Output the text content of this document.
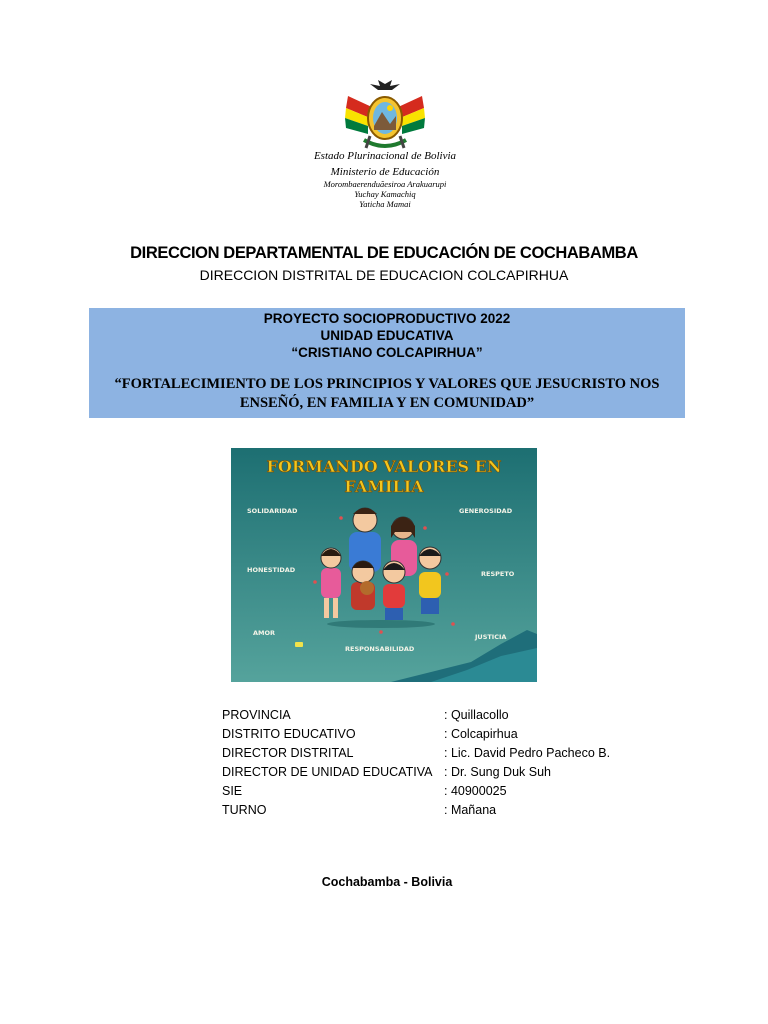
Estado Plurinacional de Bolivia
Ministerio de Educación
Morombaerenduãesiroa Arakuarupi
Yuchay Kamachiq
Yaticha Mamai
DIRECCION DEPARTAMENTAL DE EDUCACIÓN DE COCHABAMBA
DIRECCION DISTRITAL DE EDUCACION COLCAPIRHUA
PROYECTO SOCIOPRODUCTIVO 2022
UNIDAD EDUCATIVA
“CRISTIANO COLCAPIRHUA”
“FORTALECIMIENTO DE LOS PRINCIPIOS Y VALORES QUE JESUCRISTO NOS ENSEÑÓ, EN FAMILIA Y EN COMUNIDAD”
FORMANDO VALORES EN
FAMILIA
SOLIDARIDAD	GENEROSIDAD
HONESTIDAD	RESPETO
AMOR	JUSTICIA
RESPONSABILIDAD
PROVINCIA	: Quillacollo
DISTRITO EDUCATIVO	: Colcapirhua
DIRECTOR DISTRITAL	: Lic. David Pedro Pacheco B.
DIRECTOR DE UNIDAD EDUCATIVA : Dr. Sung Duk Suh
SIE	: 40900025
TURNO	: Mañana
Cochabamba - Bolivia
